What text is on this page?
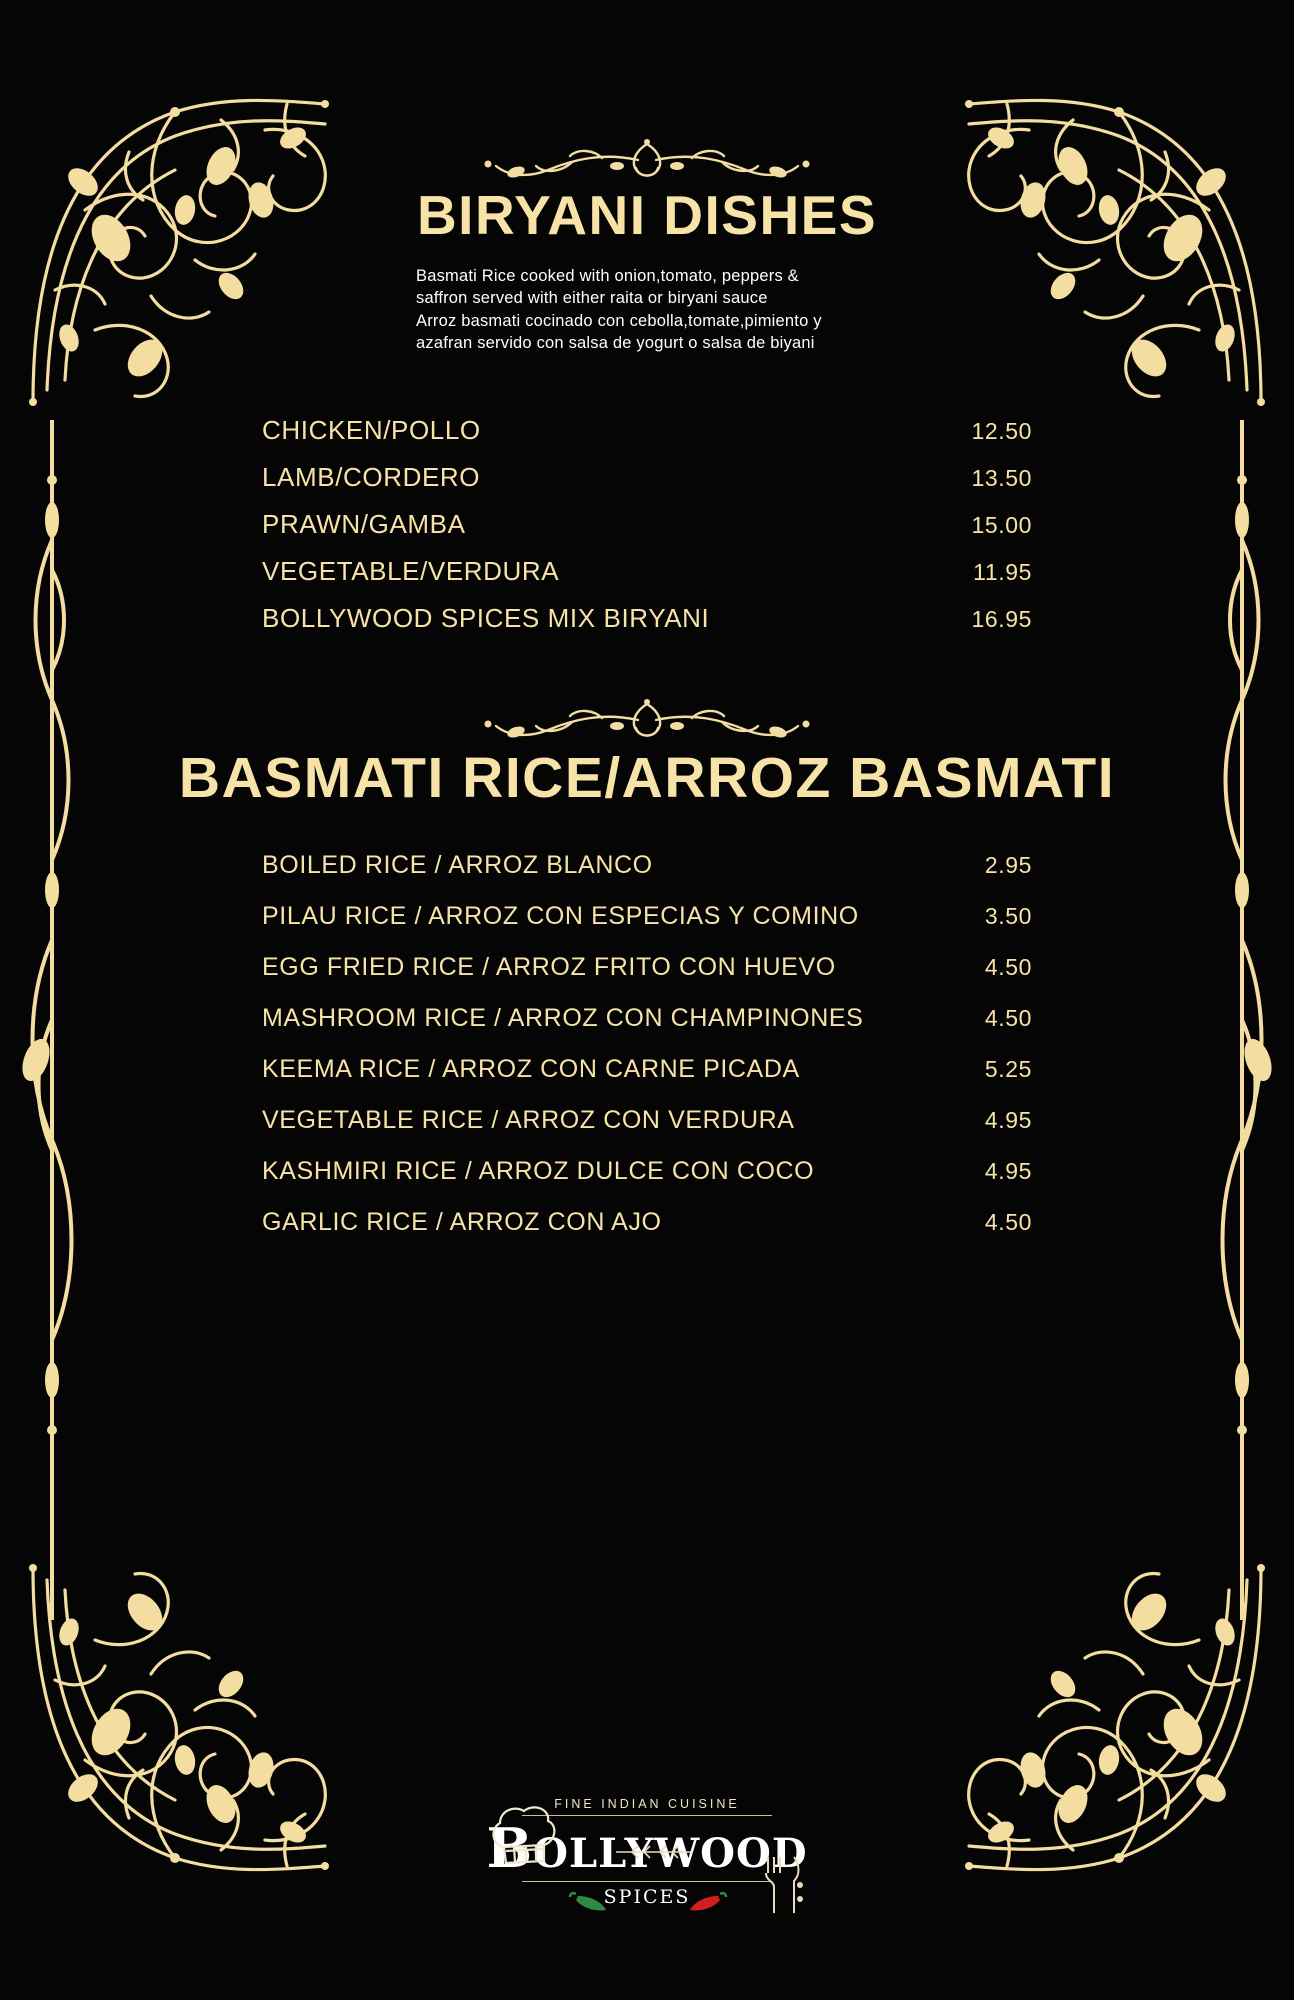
BIRYANI DISHES
Basmati Rice cooked with onion,tomato, peppers &
saffron served with either raita or biryani sauce
Arroz basmati cocinado con cebolla,tomate,pimiento y
azafran servido con salsa de yogurt o salsa de biyani
CHICKEN/POLLO	12.50
LAMB/CORDERO	13.50
PRAWN/GAMBA	15.00
VEGETABLE/VERDURA	11.95
BOLLYWOOD SPICES MIX BIRYANI	16.95
BASMATI RICE/ARROZ BASMATI
BOILED RICE / ARROZ BLANCO	2.95
PILAU RICE / ARROZ CON ESPECIAS Y COMINO	3.50
EGG FRIED RICE / ARROZ FRITO CON HUEVO	4.50
MASHROOM RICE / ARROZ CON CHAMPINONES	4.50
KEEMA RICE / ARROZ CON CARNE PICADA	5.25
VEGETABLE RICE / ARROZ CON VERDURA	4.95
KASHMIRI RICE / ARROZ DULCE CON COCO	4.95
GARLIC RICE / ARROZ CON AJO	4.50
FINE INDIAN CUISINE
BOLLYWOOD
SPICES
